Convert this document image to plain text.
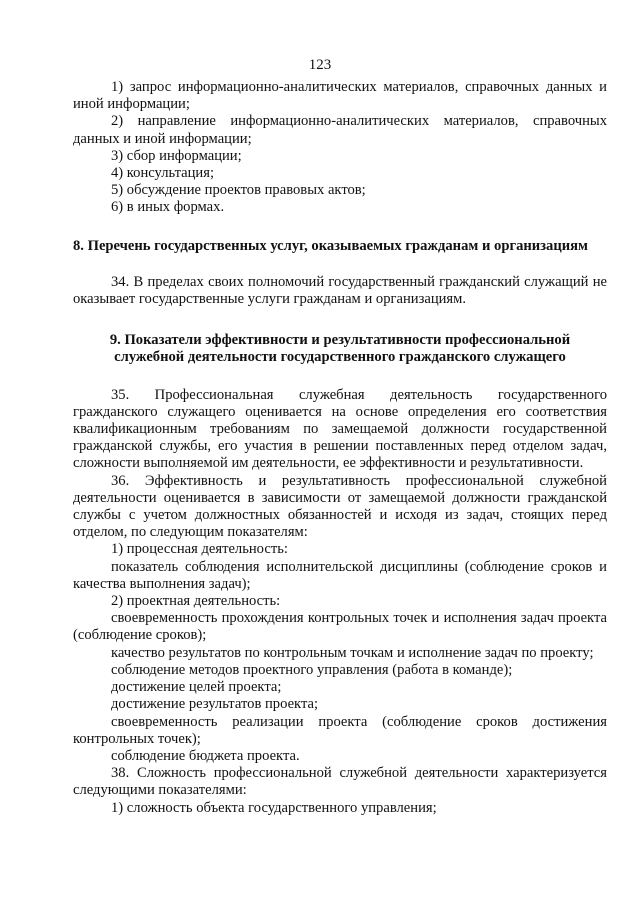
123

1) запрос информационно-аналитических материалов, справочных данных и иной информации;

2) направление информационно-аналитических материалов, справочных данных и иной информации;

3) сбор информации;

4) консультация;

5) обсуждение проектов правовых актов;

6) в иных формах.

8. Перечень государственных услуг, оказываемых гражданам и организациям

34. В пределах своих полномочий государственный гражданский служащий не оказывает государственные услуги гражданам и организациям.

9. Показатели эффективности и результативности профессиональной
служебной деятельности государственного гражданского служащего

35. Профессиональная служебная деятельность государственного гражданского служащего оценивается на основе определения его соответствия квалификационным требованиям по замещаемой должности государственной гражданской службы, его участия в решении поставленных перед отделом задач, сложности выполняемой им деятельности, ее эффективности и результативности.

36. Эффективность и результативность профессиональной служебной деятельности оценивается в зависимости от замещаемой должности гражданской службы с учетом должностных обязанностей и исходя из задач, стоящих перед отделом, по следующим показателям:

1) процессная деятельность:

показатель соблюдения исполнительской дисциплины (соблюдение сроков и качества выполнения задач);

2) проектная деятельность:

своевременность прохождения контрольных точек и исполнения задач проекта (соблюдение сроков);

качество результатов по контрольным точкам и исполнение задач по проекту;

соблюдение методов проектного управления (работа в команде);

достижение целей проекта;

достижение результатов проекта;

своевременность реализации проекта (соблюдение сроков достижения контрольных точек);

соблюдение бюджета проекта.

38. Сложность профессиональной служебной деятельности характеризуется следующими показателями:

1) сложность объекта государственного управления;
